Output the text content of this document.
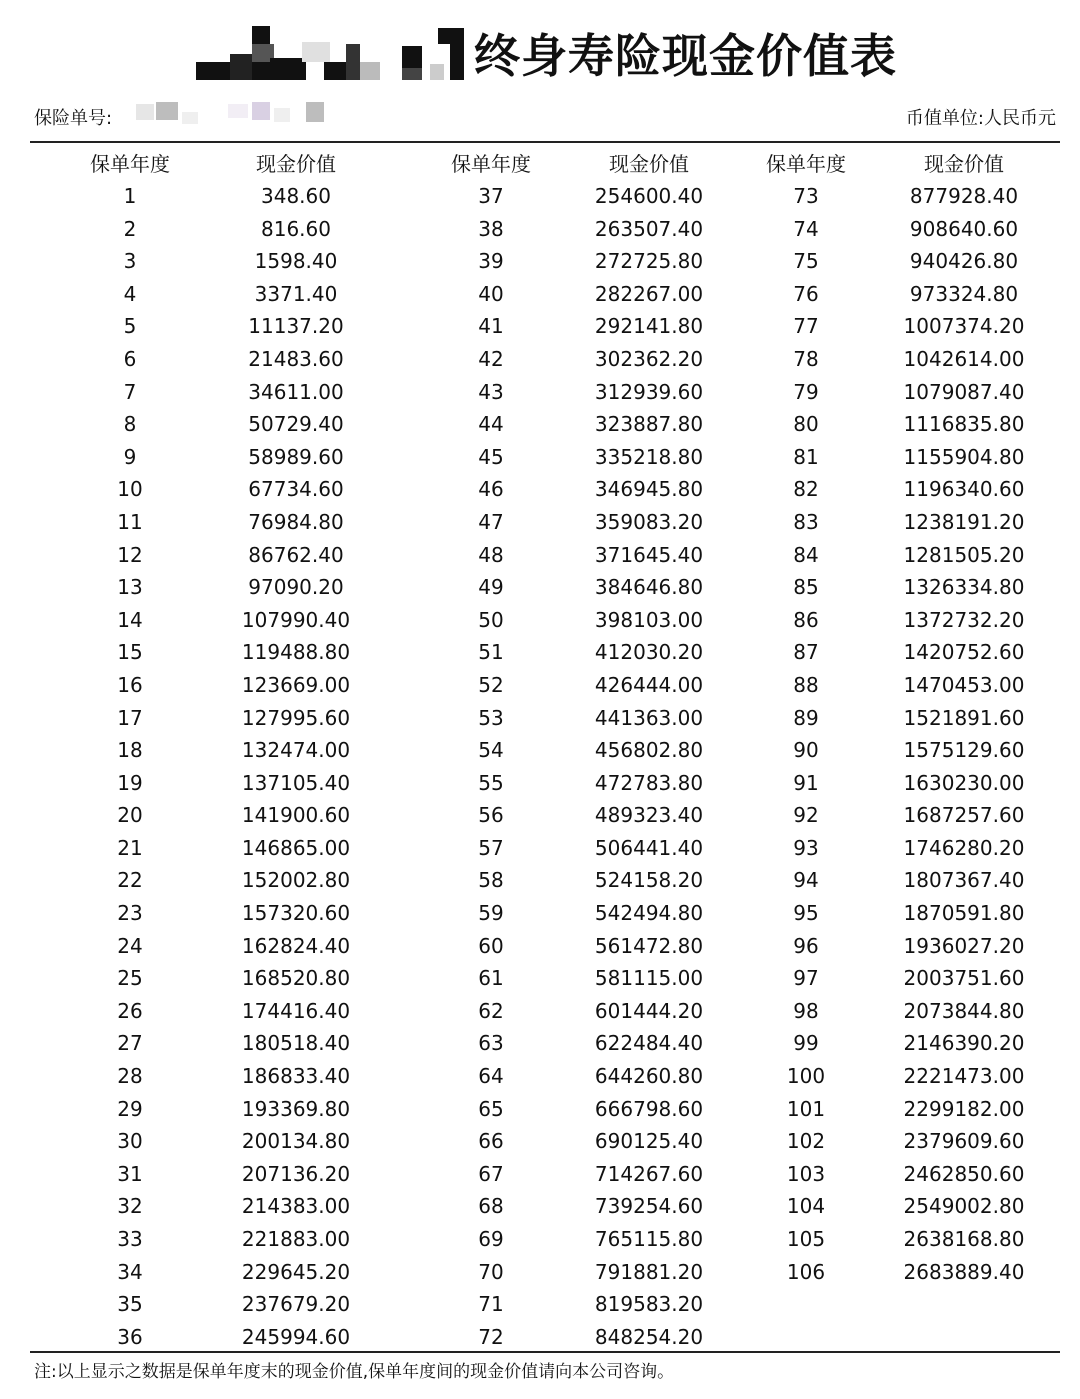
终身寿险现金价值表
保险单号:	币值单位:人民币元
保单年度
1
2
3
4
5
6
7
8
9
10
11
12
13
14
15
16
17
18
19
20
21
22
23
24
25
26
27
28
29
30
31
32
33
34
35
36
现金价值
348.60
816.60
1598.40
3371.40
11137.20
21483.60
34611.00
50729.40
58989.60
67734.60
76984.80
86762.40
97090.20
107990.40
119488.80
123669.00
127995.60
132474.00
137105.40
141900.60
146865.00
152002.80
157320.60
162824.40
168520.80
174416.40
180518.40
186833.40
193369.80
200134.80
207136.20
214383.00
221883.00
229645.20
237679.20
245994.60
保单年度
37
38
39
40
41
42
43
44
45
46
47
48
49
50
51
52
53
54
55
56
57
58
59
60
61
62
63
64
65
66
67
68
69
70
71
72
现金价值
254600.40
263507.40
272725.80
282267.00
292141.80
302362.20
312939.60
323887.80
335218.80
346945.80
359083.20
371645.40
384646.80
398103.00
412030.20
426444.00
441363.00
456802.80
472783.80
489323.40
506441.40
524158.20
542494.80
561472.80
581115.00
601444.20
622484.40
644260.80
666798.60
690125.40
714267.60
739254.60
765115.80
791881.20
819583.20
848254.20
保单年度
73
74
75
76
77
78
79
80
81
82
83
84
85
86
87
88
89
90
91
92
93
94
95
96
97
98
99
100
101
102
103
104
105
106
现金价值
877928.40
908640.60
940426.80
973324.80
1007374.20
1042614.00
1079087.40
1116835.80
1155904.80
1196340.60
1238191.20
1281505.20
1326334.80
1372732.20
1420752.60
1470453.00
1521891.60
1575129.60
1630230.00
1687257.60
1746280.20
1807367.40
1870591.80
1936027.20
2003751.60
2073844.80
2146390.20
2221473.00
2299182.00
2379609.60
2462850.60
2549002.80
2638168.80
2683889.40
注:以上显示之数据是保单年度末的现金价值,保单年度间的现金价值请向本公司咨询。
